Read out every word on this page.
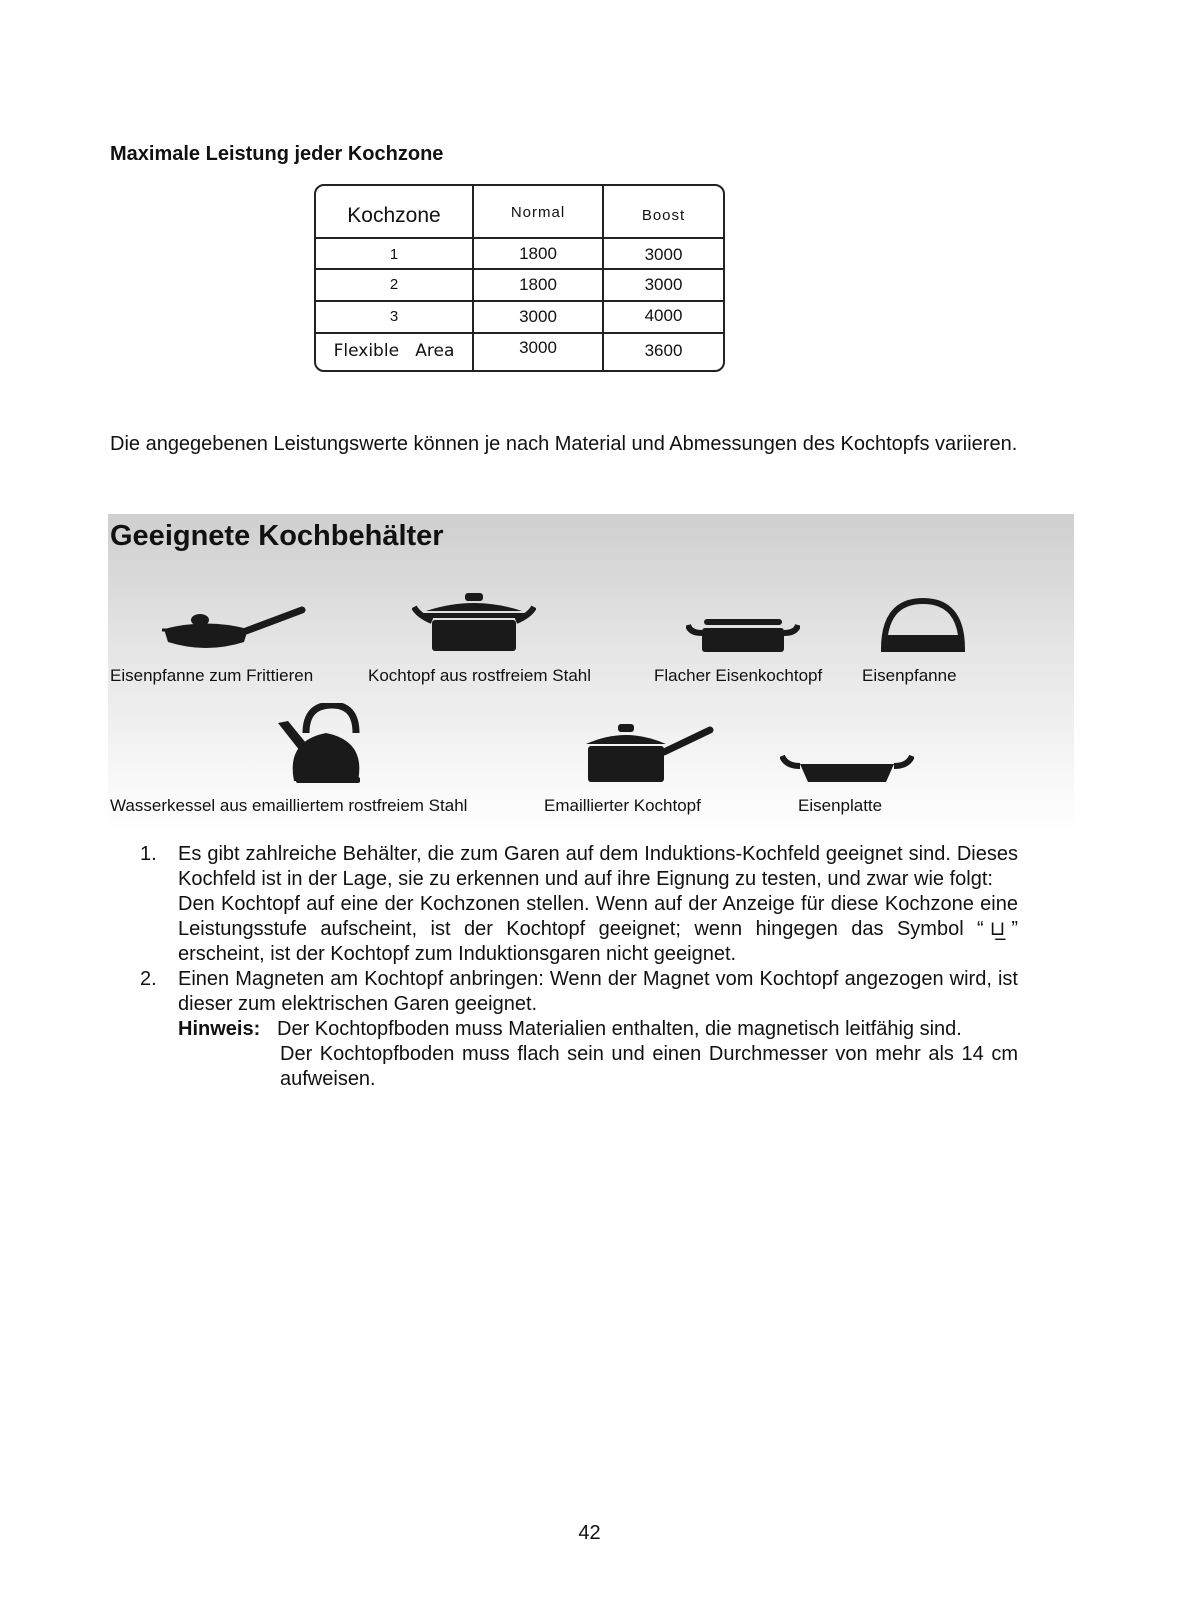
Maximale Leistung jeder Kochzone
Kochzone	Normal	Boost
1	1800	3000
2	1800	3000
3	3000	4000
Flexible   Area	3000	3600
Die angegebenen Leistungswerte können je nach Material und Abmessungen des Kochtopfs variieren.
Geeignete Kochbehälter
Eisenpfanne zum Frittieren	Kochtopf aus rostfreiem Stahl	Flacher Eisenkochtopf Eisenpfanne
Wasserkessel aus emailliertem rostfreiem Stahl	Emaillierter Kochtopf	Eisenplatte
1. Es gibt zahlreiche Behälter, die zum Garen auf dem Induktions-Kochfeld geeignet sind. Dieses Kochfeld ist in der Lage, sie zu erkennen und auf ihre Eignung zu testen, und zwar wie folgt:
Den Kochtopf auf eine der Kochzonen stellen. Wenn auf der Anzeige für diese Kochzone eine Leistungsstufe aufscheint, ist der Kochtopf geeignet; wenn hingegen das Symbol “ ⊔̲ ” erscheint, ist der Kochtopf zum Induktionsgaren nicht geeignet.
2. Einen Magneten am Kochtopf anbringen: Wenn der Magnet vom Kochtopf angezogen wird, ist dieser zum elektrischen Garen geeignet.
Hinweis: Der Kochtopfboden muss Materialien enthalten, die magnetisch leitfähig sind.
Der Kochtopfboden muss flach sein und einen Durchmesser von mehr als 14 cm aufweisen.
42
